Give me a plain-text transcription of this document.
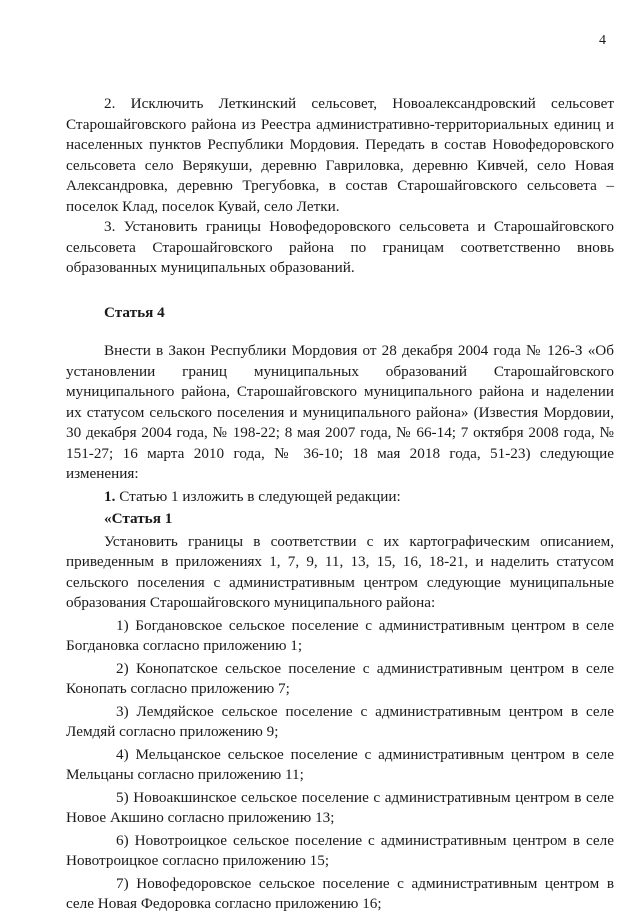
4

2. Исключить Леткинский сельсовет, Новоалександровский сельсовет Старошайговского района из Реестра административно-территориальных единиц и населенных пунктов Республики Мордовия. Передать в состав Новофедоровского сельсовета село Верякуши, деревню Гавриловка, деревню Кивчей, село Новая Александровка, деревню Трегубовка, в состав Старошайговского сельсовета – поселок Клад, поселок Кувай, село Летки.

3. Установить границы Новофедоровского сельсовета и Старошайговского сельсовета Старошайговского района по границам соответственно вновь образованных муниципальных образований.

Статья 4

Внести в Закон Республики Мордовия от 28 декабря 2004 года № 126-З «Об установлении границ муниципальных образований Старошайговского муниципального района, Старошайговского муниципального района и наделении их статусом сельского поселения и муниципального района» (Известия Мордовии, 30 декабря 2004 года, № 198-22; 8 мая 2007 года, № 66-14; 7 октября 2008 года, № 151-27; 16 марта 2010 года, № 36-10; 18 мая 2018 года, 51-23) следующие изменения:

1. Статью 1 изложить в следующей редакции:

«Статья 1

Установить границы в соответствии с их картографическим описанием, приведенным в приложениях 1, 7, 9, 11, 13, 15, 16, 18-21, и наделить статусом сельского поселения с административным центром следующие муниципальные образования Старошайговского муниципального района:

1) Богдановское сельское поселение с административным центром в селе Богдановка согласно приложению 1;

2) Конопатское сельское поселение с административным центром в селе Конопать согласно приложению 7;

3) Лемдяйское сельское поселение с административным центром в селе Лемдяй согласно приложению 9;

4) Мельцанское сельское поселение с административным центром в селе Мельцаны согласно приложению 11;

5) Новоакшинское сельское поселение с административным центром в селе Новое Акшино согласно приложению 13;

6) Новотроицкое сельское поселение с административным центром в селе Новотроицкое согласно приложению 15;

7) Новофедоровское сельское поселение с административным центром в селе Новая Федоровка согласно приложению 16;
